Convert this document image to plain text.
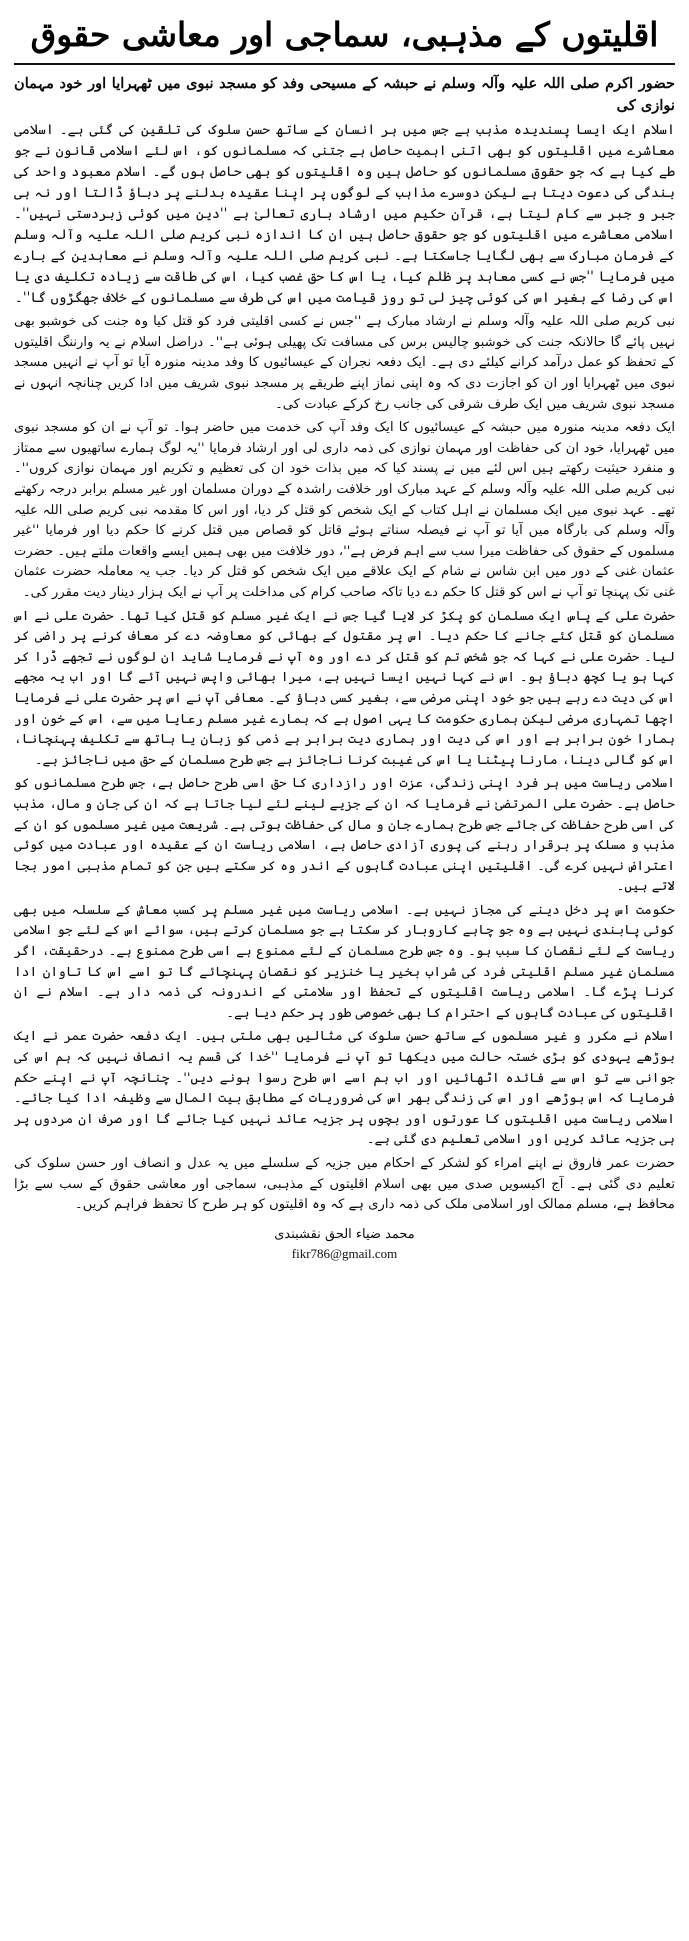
اقلیتوں کے مذہبی، سماجی اور معاشی حقوق

حضور اکرم صلی اللہ علیہ وآلہ وسلم نے حبشہ کے مسیحی وفد کو مسجد نبوی میں ٹھہرایا اور خود مہمان نوازی کی

اسلام ایک ایسا پسندیدہ مذہب ہے جس میں ہر انسان کے ساتھ حسن سلوک کی تلقین کی گئی ہے۔ اسلامی معاشرے میں اقلیتوں کو بھی اتنی اہمیت حاصل ہے جتنی کہ مسلمانوں کو، اس لئے اسلامی قانون نے جو طے کیا ہے کہ جو حقوق مسلمانوں کو حاصل ہیں وہ اقلیتوں کو بھی حاصل ہوں گے۔ اسلام معبود واحد کی بندگی کی دعوت دیتا ہے لیکن دوسرے مذاہب کے لوگوں پر اپنا عقیدہ بدلنے پر دباؤ ڈالتا اور نہ ہی جبر و جبر سے کام لیتا ہے، قرآن حکیم میں ارشاد باری تعالیٰ ہے ''دین میں کوئی زبردستی نہیں''۔ اسلامی معاشرے میں اقلیتوں کو جو حقوق حاصل ہیں ان کا اندازہ نبی کریم صلی اللہ علیہ وآلہ وسلم کے فرمان مبارک سے بھی لگایا جاسکتا ہے۔ نبی کریم صلی اللہ علیہ وآلہ وسلم نے معاہدین کے بارے میں فرمایا ''جس نے کسی معاہد پر ظلم کیا، یا اس کا حق غصب کیا، اس کی طاقت سے زیادہ تکلیف دی یا اس کی رضا کے بغیر اس کی کوئی چیز لی تو روز قیامت میں اس کی طرف سے مسلمانوں کے خلاف جھگڑوں گا''۔

نبی کریم صلی اللہ علیہ وآلہ وسلم نے ارشاد مبارک ہے ''جس نے کسی اقلیتی فرد کو قتل کیا وہ جنت کی خوشبو بھی نہیں پائے گا حالانکہ جنت کی خوشبو چالیس برس کی مسافت تک پھیلی ہوئی ہے''۔ دراصل اسلام نے یہ وارننگ اقلیتوں کے تحفظ کو عمل درآمد کرانے کیلئے دی ہے۔ ایک دفعہ نجران کے عیسائیوں کا وفد مدینہ منورہ آیا تو آپ نے انہیں مسجد نبوی میں ٹھہرایا اور ان کو اجازت دی کہ وہ اپنی نماز اپنے طریقے پر مسجد نبوی شریف میں ادا کریں چنانچہ انہوں نے مسجد نبوی شریف میں ایک طرف شرقی کی جانب رخ کرکے عبادت کی۔

ایک دفعہ مدینہ منورہ میں حبشہ کے عیسائیوں کا ایک وفد آپ کی خدمت میں حاضر ہوا۔ تو آپ نے ان کو مسجد نبوی میں ٹھہرایا، خود ان کی حفاظت اور مہمان نوازی کی ذمہ داری لی اور ارشاد فرمایا ''یہ لوگ ہمارے ساتھیوں سے ممتاز و منفرد حیثیت رکھتے ہیں اس لئے میں نے پسند کیا کہ میں بذات خود ان کی تعظیم و تکریم اور مہمان نوازی کروں''۔ نبی کریم صلی اللہ علیہ وآلہ وسلم کے عہد مبارک اور خلافت راشدہ کے دوران مسلمان اور غیر مسلم برابر درجہ رکھتے تھے۔ عہد نبوی میں ایک مسلمان نے اہل کتاب کے ایک شخص کو قتل کر دیا، اور اس کا مقدمہ نبی کریم صلی اللہ علیہ وآلہ وسلم کی بارگاہ میں آیا تو آپ نے فیصلہ سناتے ہوئے قاتل کو قصاص میں قتل کرنے کا حکم دیا اور فرمایا ''غیر مسلموں کے حقوق کی حفاظت میرا سب سے اہم فرض ہے''، دور خلافت میں بھی ہمیں ایسے واقعات ملتے ہیں۔ حضرت عثمان غنی کے دور میں ابن شاس نے شام کے ایک علاقے میں ایک شخص کو قتل کر دیا۔ جب یہ معاملہ حضرت عثمان غنی تک پہنچا تو آپ نے اس کو قتل کا حکم دے دیا تاکہ صاحب کرام کی مداخلت پر آپ نے ایک ہزار دینار دیت مقرر کی۔

حضرت علی کے پاس ایک مسلمان کو پکڑ کر لایا گیا جس نے ایک غیر مسلم کو قتل کیا تھا۔ حضرت علی نے اس مسلمان کو قتل کئے جانے کا حکم دیا۔ اس پر مقتول کے بھائی کو معاوضہ دے کر معاف کرنے پر راضی کر لیا۔ حضرت علی نے کہا کہ جو شخص تم کو قتل کر دے اور وہ آپ نے فرمایا شاید ان لوگوں نے تجھے ڈرا کر کہا ہو یا کچھ دباؤ ہو۔ اس نے کہا نہیں ایسا نہیں ہے، میرا بھائی واپس نہیں آئے گا اور اب یہ مجھے اس کی دیت دے رہے ہیں جو خود اپنی مرضی سے، بغیر کسی دباؤ کے۔ معافی آپ نے اس پر حضرت علی نے فرمایا اچھا تمہاری مرضی لیکن ہماری حکومت کا یہی اصول ہے کہ ہمارے غیر مسلم رعایا میں سے، اس کے خون اور ہمارا خون برابر ہے اور اس کی دیت اور ہماری دیت برابر ہے ذمی کو زبان یا ہاتھ سے تکلیف پہنچانا، اس کو گالی دینا، مارنا پیٹنا یا اس کی غیبت کرنا ناجائز ہے جس طرح مسلمان کے حق میں ناجائز ہے۔

اسلامی ریاست میں ہر فرد اپنی زندگی، عزت اور رازداری کا حق اسی طرح حاصل ہے، جس طرح مسلمانوں کو حاصل ہے۔ حضرت علی المرتضیٰ نے فرمایا کہ ان کے جزیے لینے لئے لیا جاتا ہے کہ ان کی جان و مال، مذہب کی اسی طرح حفاظت کی جائے جس طرح ہمارے جان و مال کی حفاظت ہوتی ہے۔ شریعت میں غیر مسلموں کو ان کے مذہب و مسلک پر برقرار رہنے کی پوری آزادی حاصل ہے، اسلامی ریاست ان کے عقیدہ اور عبادت میں کوئی اعتراض نہیں کرے گی۔ اقلیتیں اپنی عبادت گاہوں کے اندر وہ کر سکتے ہیں جن کو تمام مذہبی امور بجا لاتے ہیں۔

حکومت اس پر دخل دینے کی مجاز نہیں ہے۔ اسلامی ریاست میں غیر مسلم پر کسب معاش کے سلسلہ میں بھی کوئی پابندی نہیں ہے وہ جو چاہے کاروبار کر سکتا ہے جو مسلمان کرتے ہیں، سوائے اس کے لئے جو اسلامی ریاست کے لئے نقصان کا سبب ہو۔ وہ جس طرح مسلمان کے لئے ممنوع ہے اسی طرح ممنوع ہے۔ درحقیقت، اگر مسلمان غیر مسلم اقلیتی فرد کی شراب بخیر یا خنزیر کو نقصان پہنچائے گا تو اسے اس کا تاوان ادا کرنا پڑے گا۔ اسلامی ریاست اقلیتوں کے تحفظ اور سلامتی کے اندرونہ کی ذمہ دار ہے۔ اسلام نے ان اقلیتوں کی عبادت گاہوں کے احترام کا بھی خصوصی طور پر حکم دیا ہے۔

اسلام نے مکرر و غیر مسلموں کے ساتھ حسن سلوک کی مثالیں بھی ملتی ہیں۔ ایک دفعہ حضرت عمر نے ایک بوڑھے یہودی کو بڑی خستہ حالت میں دیکھا تو آپ نے فرمایا ''خدا کی قسم یہ انصاف نہیں کہ ہم اس کی جوانی سے تو اس سے فائدہ اٹھائیں اور اب ہم اسے اس طرح رسوا ہونے دیں''۔ چنانچہ آپ نے اپنے حکم فرمایا کہ اس بوڑھے اور اس کی زندگی بھر اس کی ضروریات کے مطابق بیت المال سے وظیفہ ادا کیا جائے۔ اسلامی ریاست میں اقلیتوں کا عورتوں اور بچوں پر جزیہ عائد نہیں کیا جائے گا اور صرف ان مردوں پر ہی جزیہ عائد کریں اور اسلامی تعلیم دی گئی ہے۔

حضرت عمر فاروق نے اپنے امراء کو لشکر کے احکام میں جزیہ کے سلسلے میں یہ عدل و انصاف اور حسن سلوک کی تعلیم دی گئی ہے۔ آج اکیسویں صدی میں بھی اسلام اقلیتوں کے مذہبی، سماجی اور معاشی حقوق کے سب سے بڑا محافظ ہے، مسلم ممالک اور اسلامی ملک کی ذمہ داری ہے کہ وہ اقلیتوں کو ہر طرح کا تحفظ فراہم کریں۔

محمد ضیاء الحق نقشبندی
fikr786@gmail.com
